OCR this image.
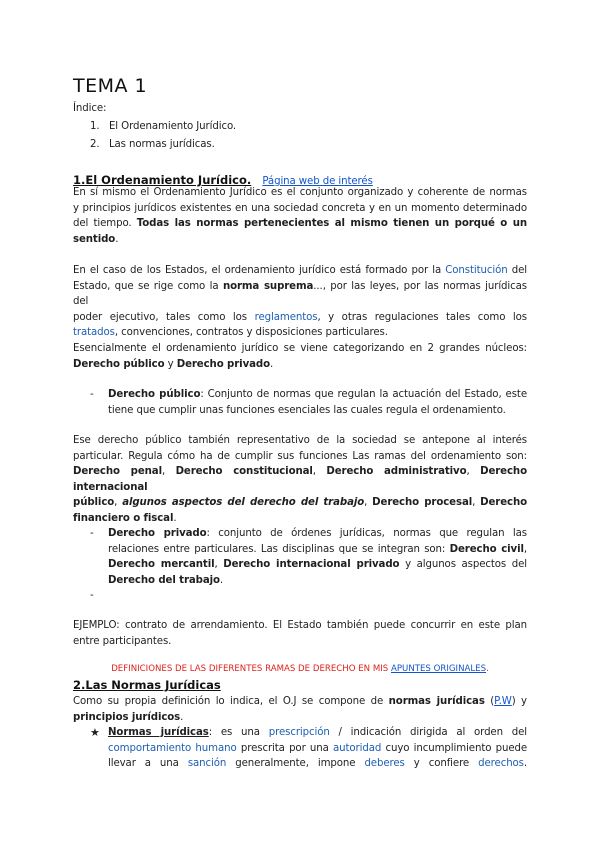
TEMA 1
Índice:
1. El Ordenamiento Jurídico.
2. Las normas jurídicas.
1.El Ordenamiento Jurídico. Página web de interés
En sí mismo el Ordenamiento Jurídico es el conjunto organizado y coherente de normas
y principios jurídicos existentes en una sociedad concreta y en un momento determinado
del tiempo. Todas las normas pertenecientes al mismo tienen un porqué o un
sentido.
En el caso de los Estados, el ordenamiento jurídico está formado por la Constitución del
Estado, que se rige como la norma suprema..., por las leyes, por las normas jurídicas del
poder ejecutivo, tales como los reglamentos, y otras regulaciones tales como los
tratados, convenciones, contratos y disposiciones particulares.
Esencialmente el ordenamiento jurídico se viene categorizando en 2 grandes núcleos:
Derecho público y Derecho privado.
- Derecho público: Conjunto de normas que regulan la actuación del Estado, este
tiene que cumplir unas funciones esenciales las cuales regula el ordenamiento.
Ese derecho público también representativo de la sociedad se antepone al interés
particular. Regula cómo ha de cumplir sus funciones Las ramas del ordenamiento son:
Derecho penal, Derecho constitucional, Derecho administrativo, Derecho internacional
público, algunos aspectos del derecho del trabajo, Derecho procesal, Derecho
financiero o fiscal.
- Derecho privado: conjunto de órdenes jurídicas, normas que regulan las
relaciones entre particulares. Las disciplinas que se integran son: Derecho civil,
Derecho mercantil, Derecho internacional privado y algunos aspectos del
Derecho del trabajo.
-
EJEMPLO: contrato de arrendamiento. El Estado también puede concurrir en este plan
entre participantes.
DEFINICIONES DE LAS DIFERENTES RAMAS DE DERECHO EN MIS APUNTES ORIGINALES.
2.Las Normas Jurídicas
Como su propia definición lo indica, el O.J se compone de normas jurídicas (P.W) y
principios jurídicos.
★ Normas jurídicas: es una prescripción / indicación dirigida al orden del
comportamiento humano prescrita por una autoridad cuyo incumplimiento puede
llevar a una sanción generalmente, impone deberes y confiere derechos.
